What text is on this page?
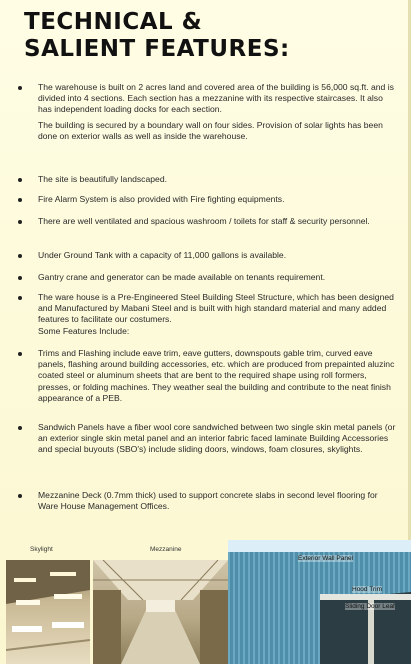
TECHNICAL &
SALIENT FEATURES:

The warehouse is built on 2 acres land and covered area of the building is 56,000 sq.ft. and is divided into 4 sections. Each section has a mezzanine with its respective staircases. It also has independent loading docks for each section.

The building is secured by a boundary wall on four sides. Provision of solar lights has been done on exterior walls as well as inside the warehouse.

The site is beautifully landscaped.

Fire Alarm System is also provided with Fire fighting equipments.

There are well ventilated and spacious washroom / toilets for staff & security personnel.

Under Ground Tank with a capacity of 11,000 gallons is available.

Gantry crane and generator can be made available on tenants requirement.

The ware house is a Pre-Engineered Steel Building Steel Structure, which has been designed and Manufactured by Mabani Steel and is built with high standard material and many added features to facilitate our costumers.

Some Features Include:

Trims and Flashing include eave trim, eave gutters, downspouts gable trim, curved eave panels, flashing around building accessories, etc. which are produced from prepainted aluzinc coated steel or aluminum sheets that are bent to the required shape using roll formers, presses, or folding machines. They weather seal the building and contribute to the neat finish appearance of a PEB.

Sandwich Panels have a fiber wool core sandwiched between two single skin metal panels (or an exterior single skin metal panel and an interior fabric faced laminate Building Accessories and special buyouts (SBO's) include sliding doors, windows, foam closures, skylights.

Mezzanine Deck (0.7mm thick) used to support concrete slabs in second level flooring for Ware House Management Offices.

Skylight	Mezzanine
Exterior Wall Panel
Hood Trim
Sliding Door Leaf
